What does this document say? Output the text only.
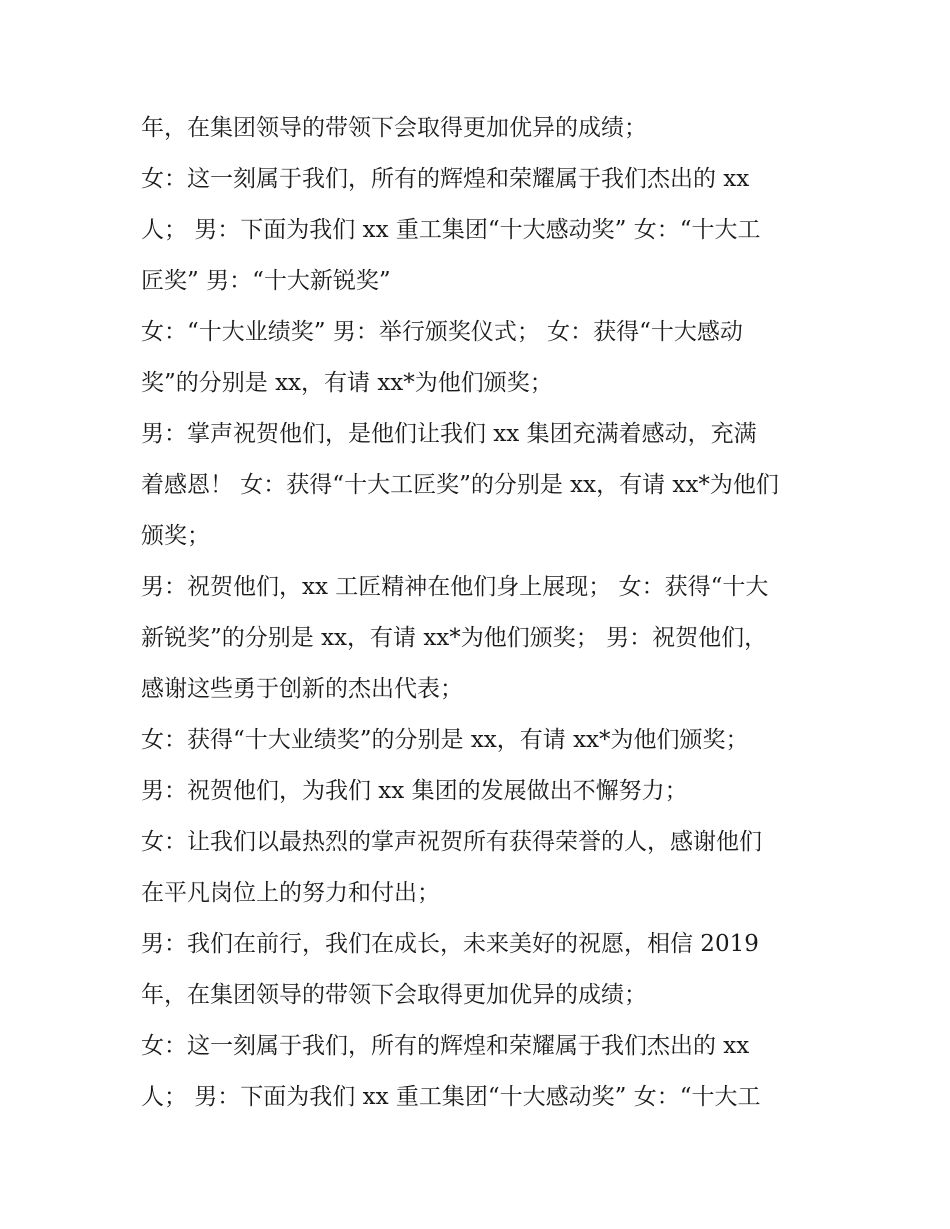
年，在集团领导的带领下会取得更加优异的成绩；
女：这一刻属于我们，所有的辉煌和荣耀属于我们杰出的 xx
人； 男：下面为我们 xx 重工集团“十大感动奖” 女：“十大工
匠奖” 男：“十大新锐奖”
女：“十大业绩奖” 男：举行颁奖仪式； 女：获得“十大感动
奖”的分别是 xx，有请 xx*为他们颁奖；
男：掌声祝贺他们，是他们让我们 xx 集团充满着感动，充满
着感恩！ 女：获得“十大工匠奖”的分别是 xx，有请 xx*为他们
颁奖；
男：祝贺他们，xx 工匠精神在他们身上展现； 女：获得“十大
新锐奖”的分别是 xx，有请 xx*为他们颁奖； 男：祝贺他们，
感谢这些勇于创新的杰出代表；
女：获得“十大业绩奖”的分别是 xx，有请 xx*为他们颁奖；
男：祝贺他们，为我们 xx 集团的发展做出不懈努力；
女：让我们以最热烈的掌声祝贺所有获得荣誉的人，感谢他们
在平凡岗位上的努力和付出；
男：我们在前行，我们在成长，未来美好的祝愿，相信 2019
年，在集团领导的带领下会取得更加优异的成绩；
女：这一刻属于我们，所有的辉煌和荣耀属于我们杰出的 xx
人； 男：下面为我们 xx 重工集团“十大感动奖” 女：“十大工
